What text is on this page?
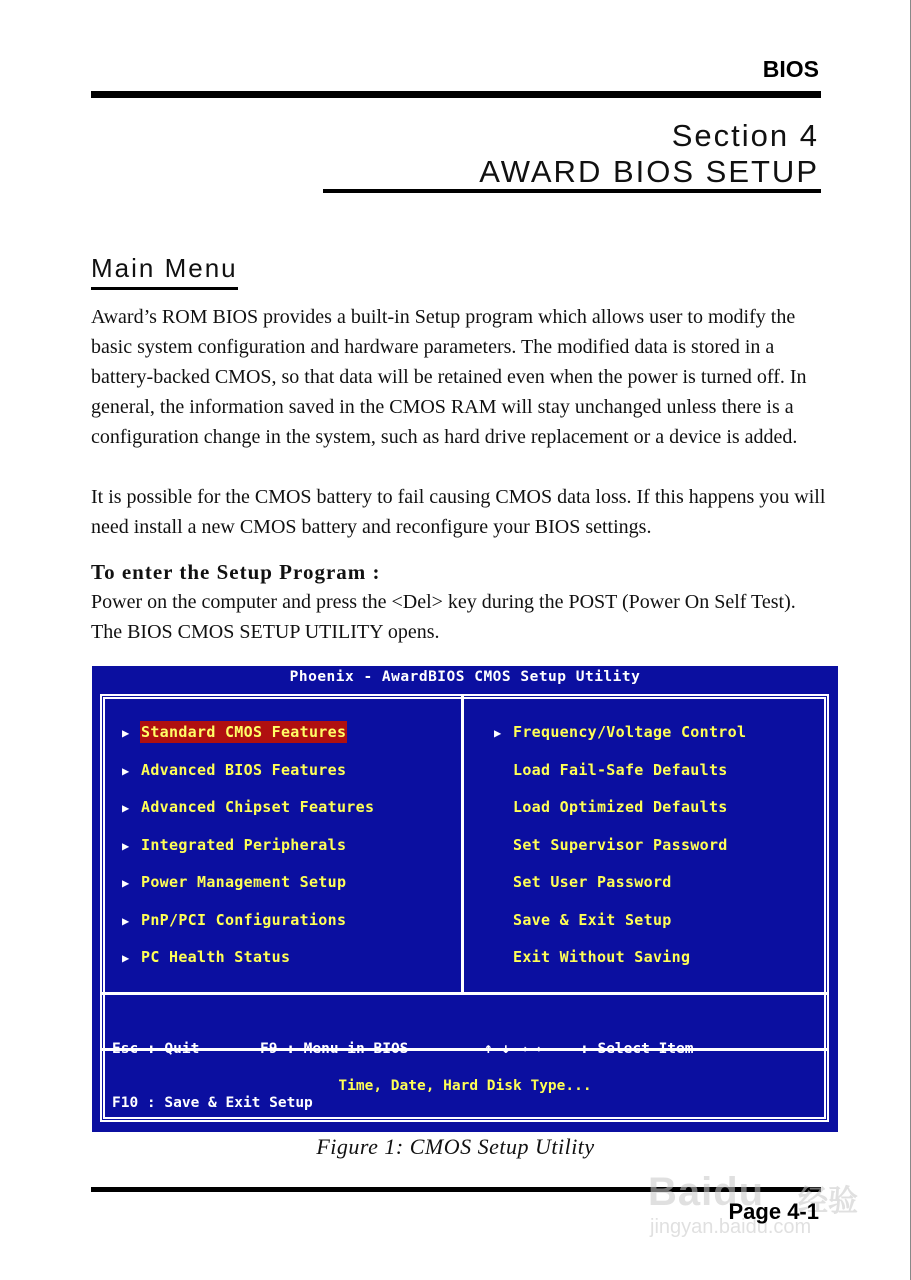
BIOS
Section 4
AWARD BIOS SETUP
Main Menu

Award’s ROM BIOS provides a built-in Setup program which allows user to modify the basic system configuration and hardware parameters. The modified data is stored in a battery-backed CMOS, so that data will be retained even when the power is turned off. In general, the information saved in the CMOS RAM will stay unchanged unless there is a configuration change in the system, such as hard drive replacement or a device is added.

It is possible for the CMOS battery to fail causing CMOS data loss. If this happens you will need install a new CMOS battery and reconfigure your BIOS settings.

To enter the Setup Program :

Power on the computer and press the <Del> key during the POST (Power On Self Test). The BIOS CMOS SETUP UTILITY opens.

Phoenix - AwardBIOS CMOS Setup Utility
▶ Standard CMOS Features
▶ Advanced BIOS Features
▶ Advanced Chipset Features
▶ Integrated Peripherals
▶ Power Management Setup
▶ PnP/PCI Configurations
▶ PC Health Status
▶ Frequency/Voltage Control
Load Fail-Safe Defaults
Load Optimized Defaults
Set Supervisor Password
Set User Password
Save & Exit Setup
Exit Without Saving

Esc : Quit

	F9 : Menu in BIOS

	↑ ↓ → ←

: Select Item

F10 : Save & Exit Setup

Time, Date, Hard Disk Type...
Figure 1: CMOS Setup Utility
Baidu 经验
jingyan.baidu.com
Page 4-1
